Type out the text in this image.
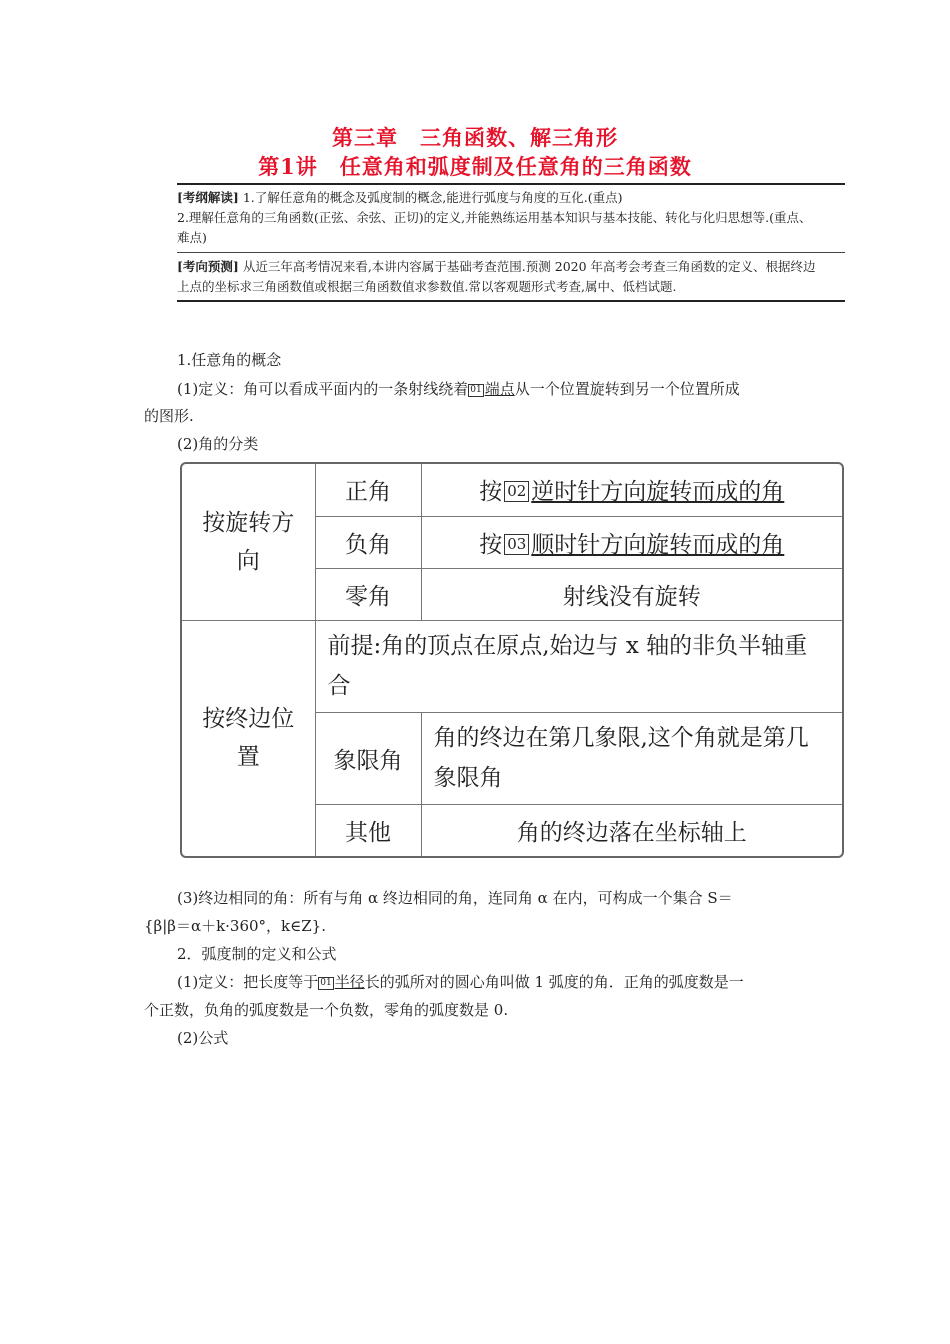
第三章　三角函数、解三角形
第1讲　任意角和弧度制及任意角的三角函数
[考纲解读] 1.了解任意角的概念及弧度制的概念,能进行弧度与角度的互化.(重点)
2.理解任意角的三角函数(正弦、余弦、正切)的定义,并能熟练运用基本知识与基本技能、转化与化归思想等.(重点、
难点)
[考向预测] 从近三年高考情况来看,本讲内容属于基础考查范围.预测 2020 年高考会考查三角函数的定义、根据终边
上点的坐标求三角函数值或根据三角函数值求参数值.常以客观题形式考查,属中、低档试题.
1.任意角的概念
(1)定义：角可以看成平面内的一条射线绕着 01 端点从一个位置旋转到另一个位置所成
的图形.
(2)角的分类
按旋转方向	正角	按 02 逆时针方向旋转而成的角
	负角	按 03 顺时针方向旋转而成的角
	零角	射线没有旋转
按终边位置	前提:角的顶点在原点,始边与 x 轴的非负半轴重合	
	象限角	角的终边在第几象限,这个角就是第几象限角
	其他	角的终边落在坐标轴上
(3)终边相同的角：所有与角 α 终边相同的角，连同角 α 在内，可构成一个集合 S＝
{β|β＝α＋k·360°，k∈Z}.
2．弧度制的定义和公式
(1)定义：把长度等于 01 半径长的弧所对的圆心角叫做 1 弧度的角．正角的弧度数是一
个正数，负角的弧度数是一个负数，零角的弧度数是 0.
(2)公式
